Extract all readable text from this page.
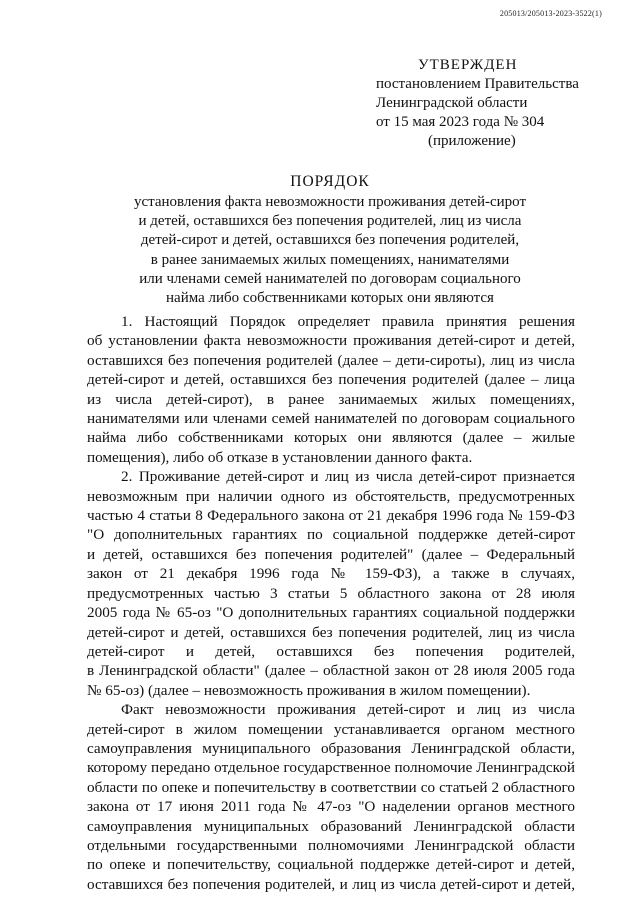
205013/205013-2023-3522(1)
УТВЕРЖДЕН
постановлением Правительства
Ленинградской области
от 15 мая 2023 года № 304
(приложение)
ПОРЯДОК
установления факта невозможности проживания детей-сирот
и детей, оставшихся без попечения родителей, лиц из числа
детей-сирот и детей, оставшихся без попечения родителей,
в ранее занимаемых жилых помещениях, нанимателями
или членами семей нанимателей по договорам социального
найма либо собственниками которых они являются
1. Настоящий Порядок определяет правила принятия решения
об установлении факта невозможности проживания детей-сирот и детей,
оставшихся без попечения родителей (далее – дети-сироты), лиц из числа
детей-сирот и детей, оставшихся без попечения родителей (далее – лица
из числа детей-сирот), в ранее занимаемых жилых помещениях,
нанимателями или членами семей нанимателей по договорам социального
найма либо собственниками которых они являются (далее – жилые
помещения), либо об отказе в установлении данного факта.
2. Проживание детей-сирот и лиц из числа детей-сирот признается
невозможным при наличии одного из обстоятельств, предусмотренных
частью 4 статьи 8 Федерального закона от 21 декабря 1996 года № 159-ФЗ
"О дополнительных гарантиях по социальной поддержке детей-сирот
и детей, оставшихся без попечения родителей" (далее – Федеральный
закон от 21 декабря 1996 года № 159-ФЗ), а также в случаях,
предусмотренных частью 3 статьи 5 областного закона от 28 июля
2005 года № 65-оз "О дополнительных гарантиях социальной поддержки
детей-сирот и детей, оставшихся без попечения родителей, лиц из числа
детей-сирот и детей, оставшихся без попечения родителей,
в Ленинградской области" (далее – областной закон от 28 июля 2005 года
№ 65-оз) (далее – невозможность проживания в жилом помещении).
Факт невозможности проживания детей-сирот и лиц из числа
детей-сирот в жилом помещении устанавливается органом местного
самоуправления муниципального образования Ленинградской области,
которому передано отдельное государственное полномочие Ленинградской
области по опеке и попечительству в соответствии со статьей 2 областного
закона от 17 июня 2011 года № 47-оз "О наделении органов местного
самоуправления муниципальных образований Ленинградской области
отдельными государственными полномочиями Ленинградской области
по опеке и попечительству, социальной поддержке детей-сирот и детей,
оставшихся без попечения родителей, и лиц из числа детей-сирот и детей,
